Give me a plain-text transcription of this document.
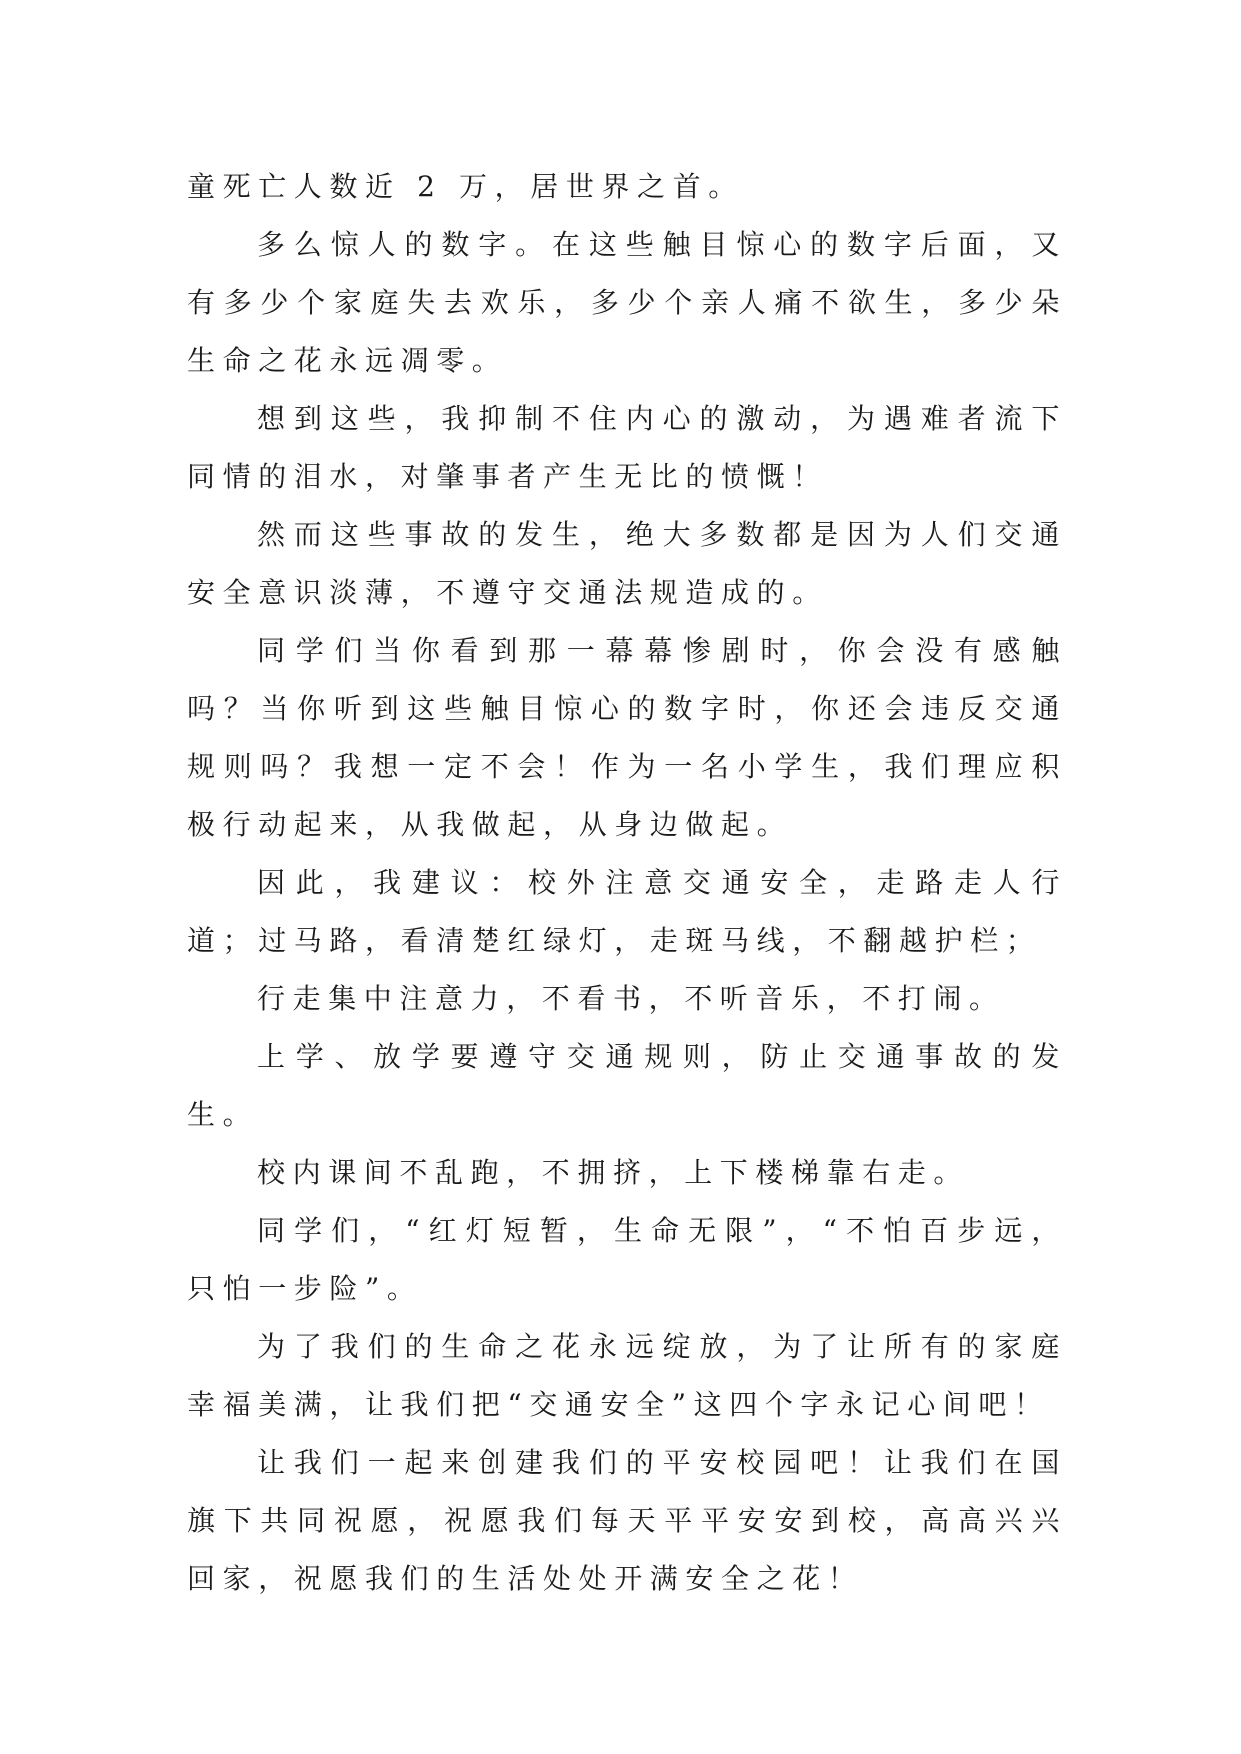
童死亡人数近 2 万，居世界之首。

多么惊人的数字。在这些触目惊心的数字后面，又有多少个家庭失去欢乐，多少个亲人痛不欲生，多少朵生命之花永远凋零。

想到这些，我抑制不住内心的激动，为遇难者流下同情的泪水，对肇事者产生无比的愤慨！

然而这些事故的发生，绝大多数都是因为人们交通安全意识淡薄，不遵守交通法规造成的。

同学们当你看到那一幕幕惨剧时，你会没有感触吗？当你听到这些触目惊心的数字时，你还会违反交通规则吗？我想一定不会！作为一名小学生，我们理应积极行动起来，从我做起，从身边做起。

因此，我建议：校外注意交通安全，走路走人行道；过马路，看清楚红绿灯，走斑马线，不翻越护栏；

行走集中注意力，不看书，不听音乐，不打闹。

上学、放学要遵守交通规则，防止交通事故的发生。

校内课间不乱跑，不拥挤，上下楼梯靠右走。

同学们，“红灯短暂，生命无限”，“不怕百步远，只怕一步险”。

为了我们的生命之花永远绽放，为了让所有的家庭幸福美满，让我们把“交通安全”这四个字永记心间吧！

让我们一起来创建我们的平安校园吧！让我们在国旗下共同祝愿，祝愿我们每天平平安安到校，高高兴兴回家，祝愿我们的生活处处开满安全之花！
